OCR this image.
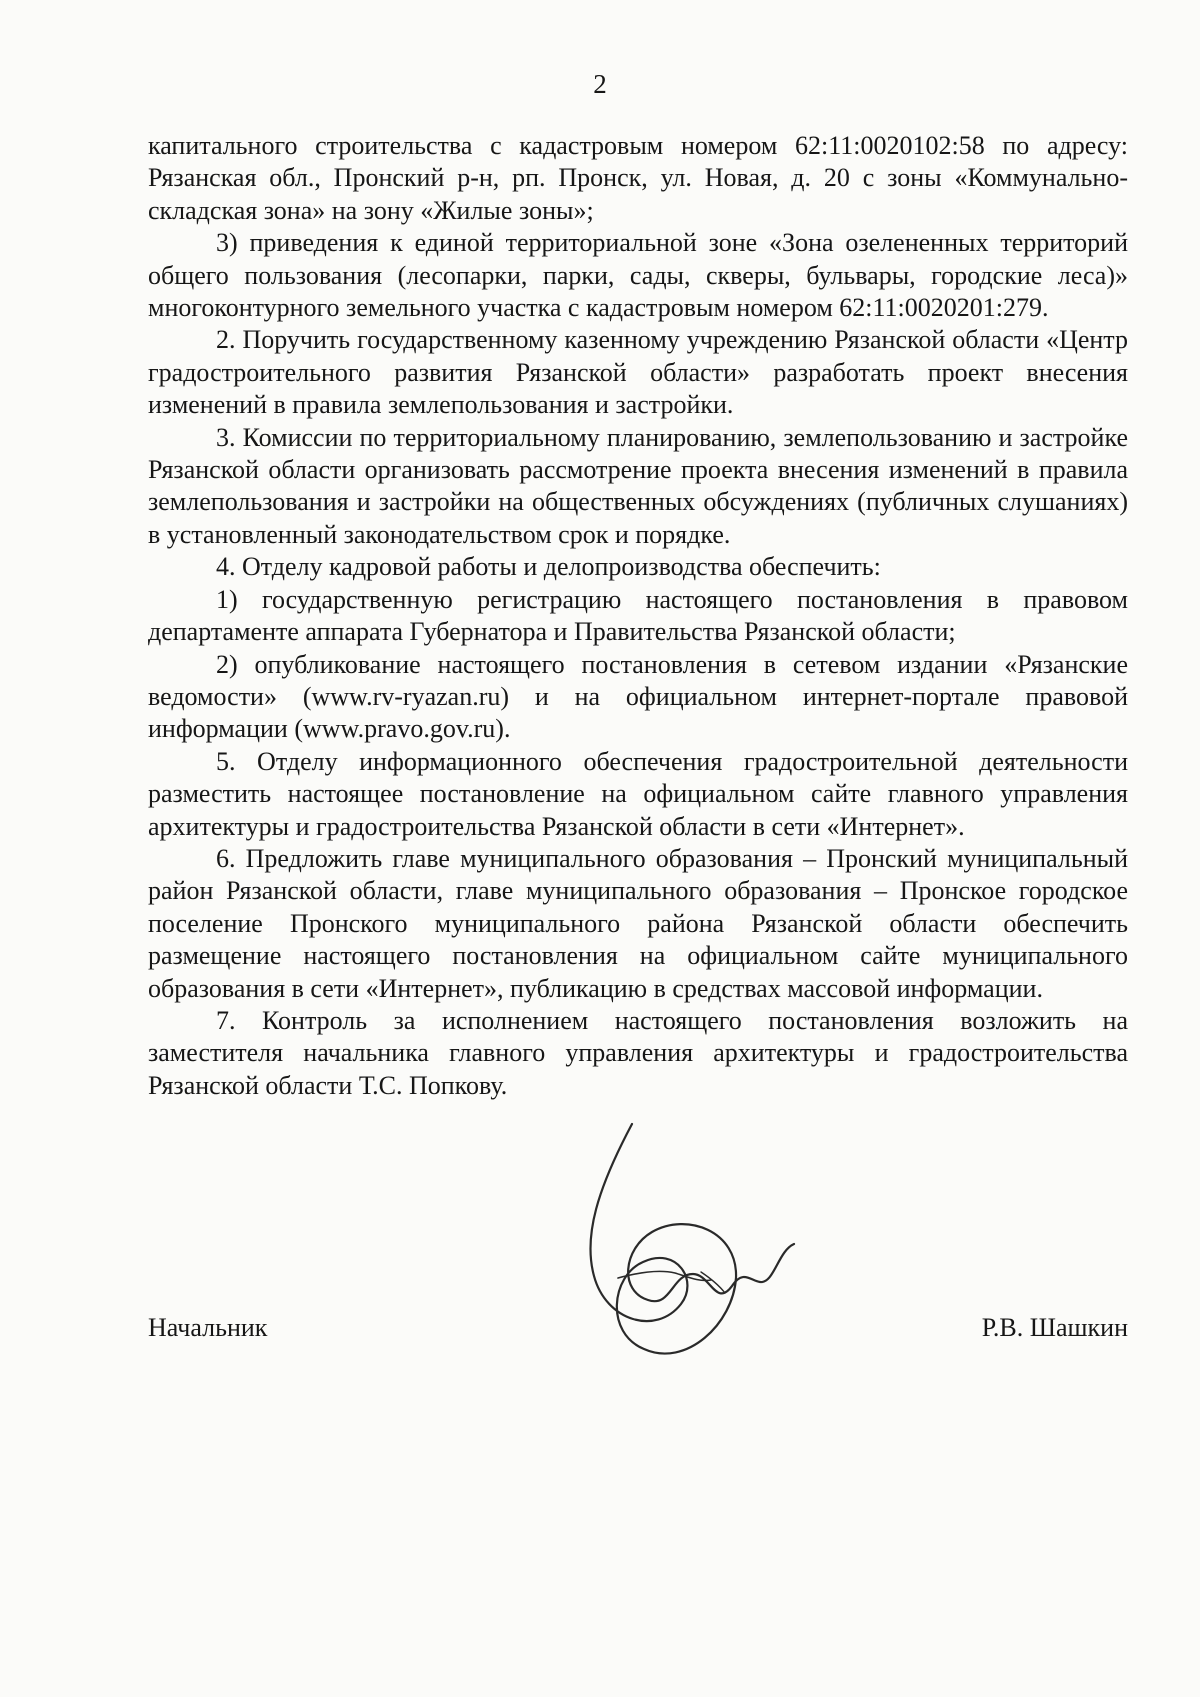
2

капитального строительства с кадастровым номером 62:11:0020102:58 по адресу: Рязанская обл., Пронский р-н, рп. Пронск, ул. Новая, д. 20 с зоны «Коммунально-складская зона» на зону «Жилые зоны»;

3) приведения к единой территориальной зоне «Зона озелененных территорий общего пользования (лесопарки, парки, сады, скверы, бульвары, городские леса)» многоконтурного земельного участка с кадастровым номером 62:11:0020201:279.

2. Поручить государственному казенному учреждению Рязанской области «Центр градостроительного развития Рязанской области» разработать проект внесения изменений в правила землепользования и застройки.

3. Комиссии по территориальному планированию, землепользованию и застройке Рязанской области организовать рассмотрение проекта внесения изменений в правила землепользования и застройки на общественных обсуждениях (публичных слушаниях) в установленный законодательством срок и порядке.

4. Отделу кадровой работы и делопроизводства обеспечить:

1) государственную регистрацию настоящего постановления в правовом департаменте аппарата Губернатора и Правительства Рязанской области;

2) опубликование настоящего постановления в сетевом издании «Рязанские ведомости» (www.rv-ryazan.ru) и на официальном интернет-портале правовой информации (www.pravo.gov.ru).

5. Отделу информационного обеспечения градостроительной деятельности разместить настоящее постановление на официальном сайте главного управления архитектуры и градостроительства Рязанской области в сети «Интернет».

6. Предложить главе муниципального образования – Пронский муниципальный район Рязанской области, главе муниципального образования – Пронское городское поселение Пронского муниципального района Рязанской области обеспечить размещение настоящего постановления на официальном сайте муниципального образования в сети «Интернет», публикацию в средствах массовой информации.

7. Контроль за исполнением настоящего постановления возложить на заместителя начальника главного управления архитектуры и градостроительства Рязанской области Т.С. Попкову.

Начальник	Р.В. Шашкин
